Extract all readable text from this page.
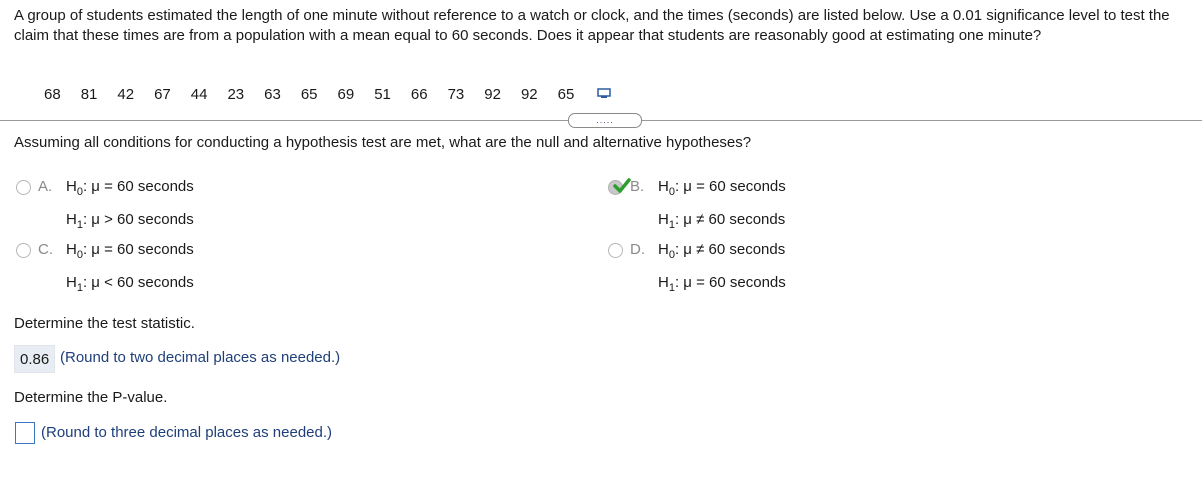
A group of students estimated the length of one minute without reference to a watch or clock, and the times (seconds) are listed below. Use a 0.01 significance level to test the claim that these times are from a population with a mean equal to 60 seconds. Does it appear that students are reasonably good at estimating one minute?
68 81 42 67 44 23 63 65 69 51 66 73 92 92 65
.....
Assuming all conditions for conducting a hypothesis test are met, what are the null and alternative hypotheses?
A. $H_0$: μ = 60 seconds
$H_1$: μ > 60 seconds
B. $H_0$: μ = 60 seconds
$H_1$: μ ≠ 60 seconds
C. $H_0$: μ = 60 seconds
$H_1$: μ < 60 seconds
D. $H_0$: μ ≠ 60 seconds
$H_1$: μ = 60 seconds
Determine the test statistic.
0.86 (Round to two decimal places as needed.)
Determine the P-value.
(Round to three decimal places as needed.)
